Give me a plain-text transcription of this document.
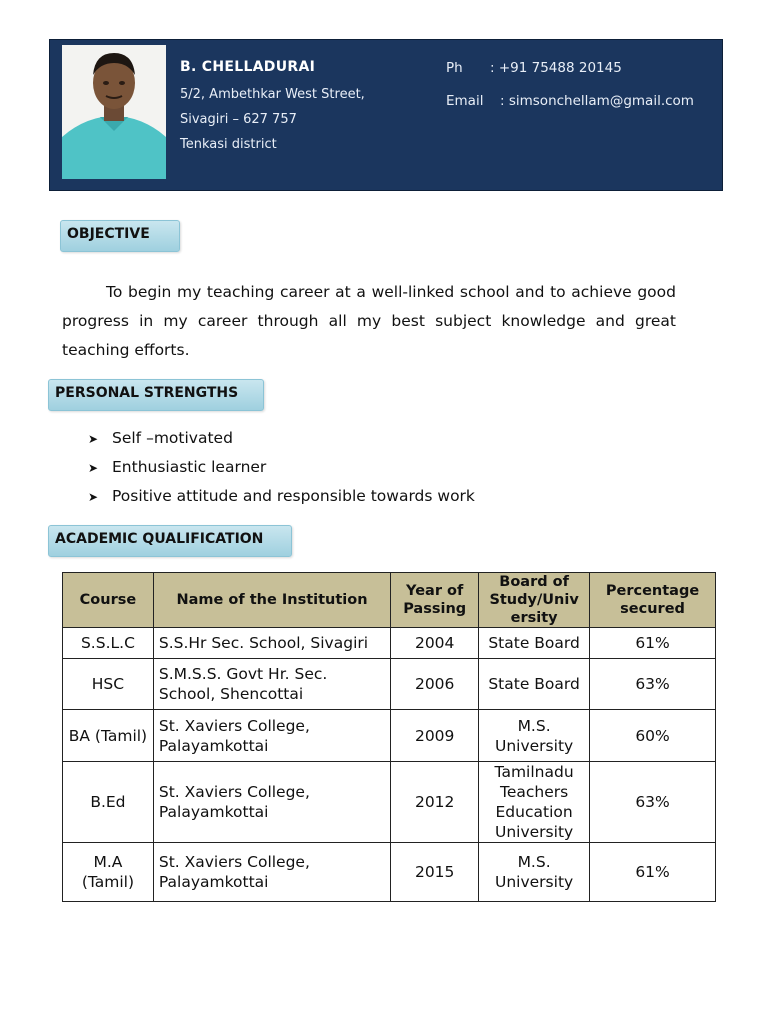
B. CHELLADURAI
5/2, Ambethkar West Street,
Sivagiri – 627 757
Tenkasi district
Ph : +91 75488 20145
Email : simsonchellam@gmail.com
OBJECTIVE
To begin my teaching career at a well-linked school and to achieve good progress in my career through all my best subject knowledge and great teaching efforts.
PERSONAL STRENGTHS
➤ Self –motivated
➤ Enthusiastic learner
➤ Positive attitude and responsible towards work
ACADEMIC QUALIFICATION
Course	Name of the Institution	Year of Passing	Board of Study/Univ ersity	Percentage secured
S.S.L.C	S.S.Hr Sec. School, Sivagiri	2004	State Board	61%
HSC	S.M.S.S. Govt Hr. Sec. School, Shencottai	2006	State Board	63%
BA (Tamil)	St. Xaviers College, Palayamkottai	2009	M.S. University	60%
B.Ed	St. Xaviers College, Palayamkottai	2012	Tamilnadu Teachers Education University	63%
M.A (Tamil)	St. Xaviers College, Palayamkottai	2015	M.S. University	61%
